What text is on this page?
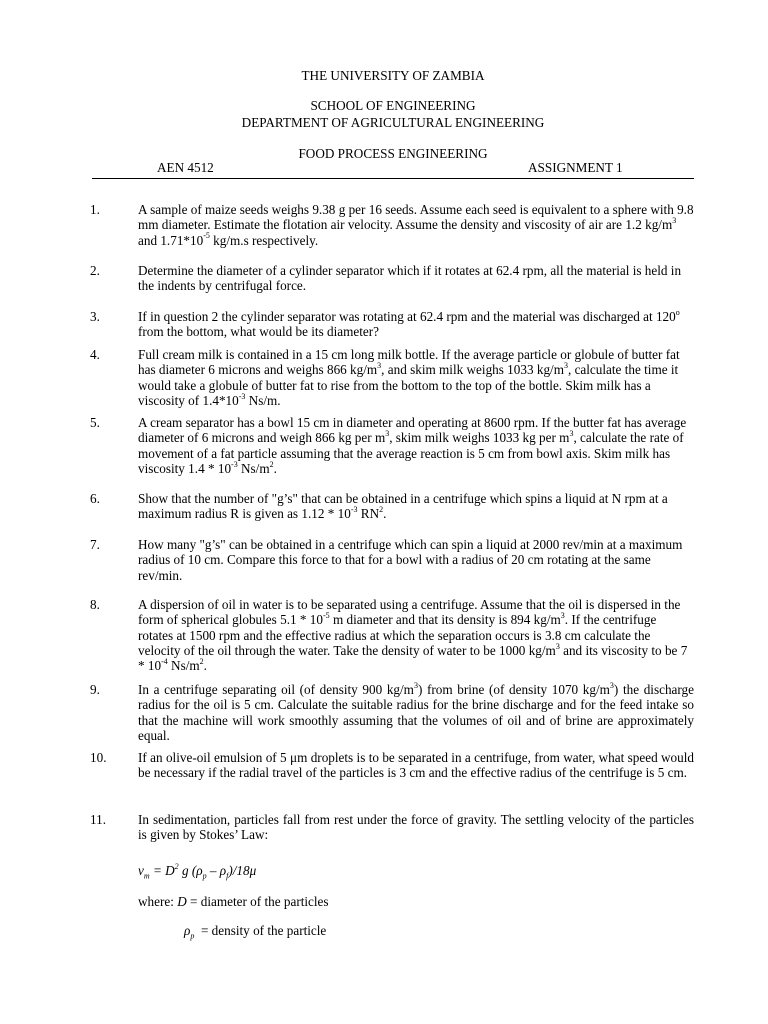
THE UNIVERSITY OF ZAMBIA
SCHOOL OF ENGINEERING
DEPARTMENT OF AGRICULTURAL ENGINEERING
FOOD PROCESS ENGINEERING
AEN 4512	ASSIGNMENT 1
1.	A sample of maize seeds weighs 9.38 g per 16 seeds. Assume each seed is equivalent to a sphere with 9.8 mm diameter. Estimate the flotation air velocity. Assume the density and viscosity of air are 1.2 $kg/m^3$ and $1.71*10^{-5}$ kg/m.s respectively.
2.	Determine the diameter of a cylinder separator which if it rotates at 62.4 rpm, all the material is held in the indents by centrifugal force.
3.	If in question 2 the cylinder separator was rotating at 62.4 rpm and the material was discharged at 120$^o$ from the bottom, what would be its diameter?
4.	Full cream milk is contained in a 15 cm long milk bottle. If the average particle or globule of butter fat has diameter 6 microns and weighs 866 $kg/m^3$, and skim milk weighs 1033 $kg/m^3$, calculate the time it would take a globule of butter fat to rise from the bottom to the top of the bottle. Skim milk has a viscosity of $1.4*10^{-3}$ Ns/m.
5.	A cream separator has a bowl 15 cm in diameter and operating at 8600 rpm. If the butter fat has average diameter of 6 microns and weigh 866 kg per $m^3$, skim milk weighs 1033 kg per $m^3$, calculate the rate of movement of a fat particle assuming that the average reaction is 5 cm from bowl axis. Skim milk has viscosity $1.4 * 10^{-3}$ $Ns/m^2$.
6.	Show that the number of "g’s" that can be obtained in a centrifuge which spins a liquid at N rpm at a maximum radius R is given as $1.12 * 10^{-3}$ $RN^2$.
7.	How many "g’s" can be obtained in a centrifuge which can spin a liquid at 2000 rev/min at a maximum radius of 10 cm. Compare this force to that for a bowl with a radius of 20 cm rotating at the same rev/min.
8.	A dispersion of oil in water is to be separated using a centrifuge. Assume that the oil is dispersed in the form of spherical globules $5.1 * 10^{-5}$ m diameter and that its density is 894 $kg/m^3$. If the centrifuge rotates at 1500 rpm and the effective radius at which the separation occurs is 3.8 cm calculate the velocity of the oil through the water. Take the density of water to be 1000 $kg/m^3$ and its viscosity to be $7 * 10^{-4}$ $Ns/m^2$.
9.	In a centrifuge separating oil (of density 900 $kg/m^3$) from brine (of density 1070 $kg/m^3$) the discharge radius for the oil is 5 cm. Calculate the suitable radius for the brine discharge and for the feed intake so that the machine will work smoothly assuming that the volumes of oil and of brine are approximately equal.
10.	If an olive-oil emulsion of 5 μm droplets is to be separated in a centrifuge, from water, what speed would be necessary if the radial travel of the particles is 3 cm and the effective radius of the centrifuge is 5 cm.
11.	In sedimentation, particles fall from rest under the force of gravity. The settling velocity of the particles is given by Stokes’ Law:
$v_m = D^2$ g $(\rho_p - \rho_f)/18\mu$
where: D = diameter of the particles
$\rho_p$  = density of the particle
